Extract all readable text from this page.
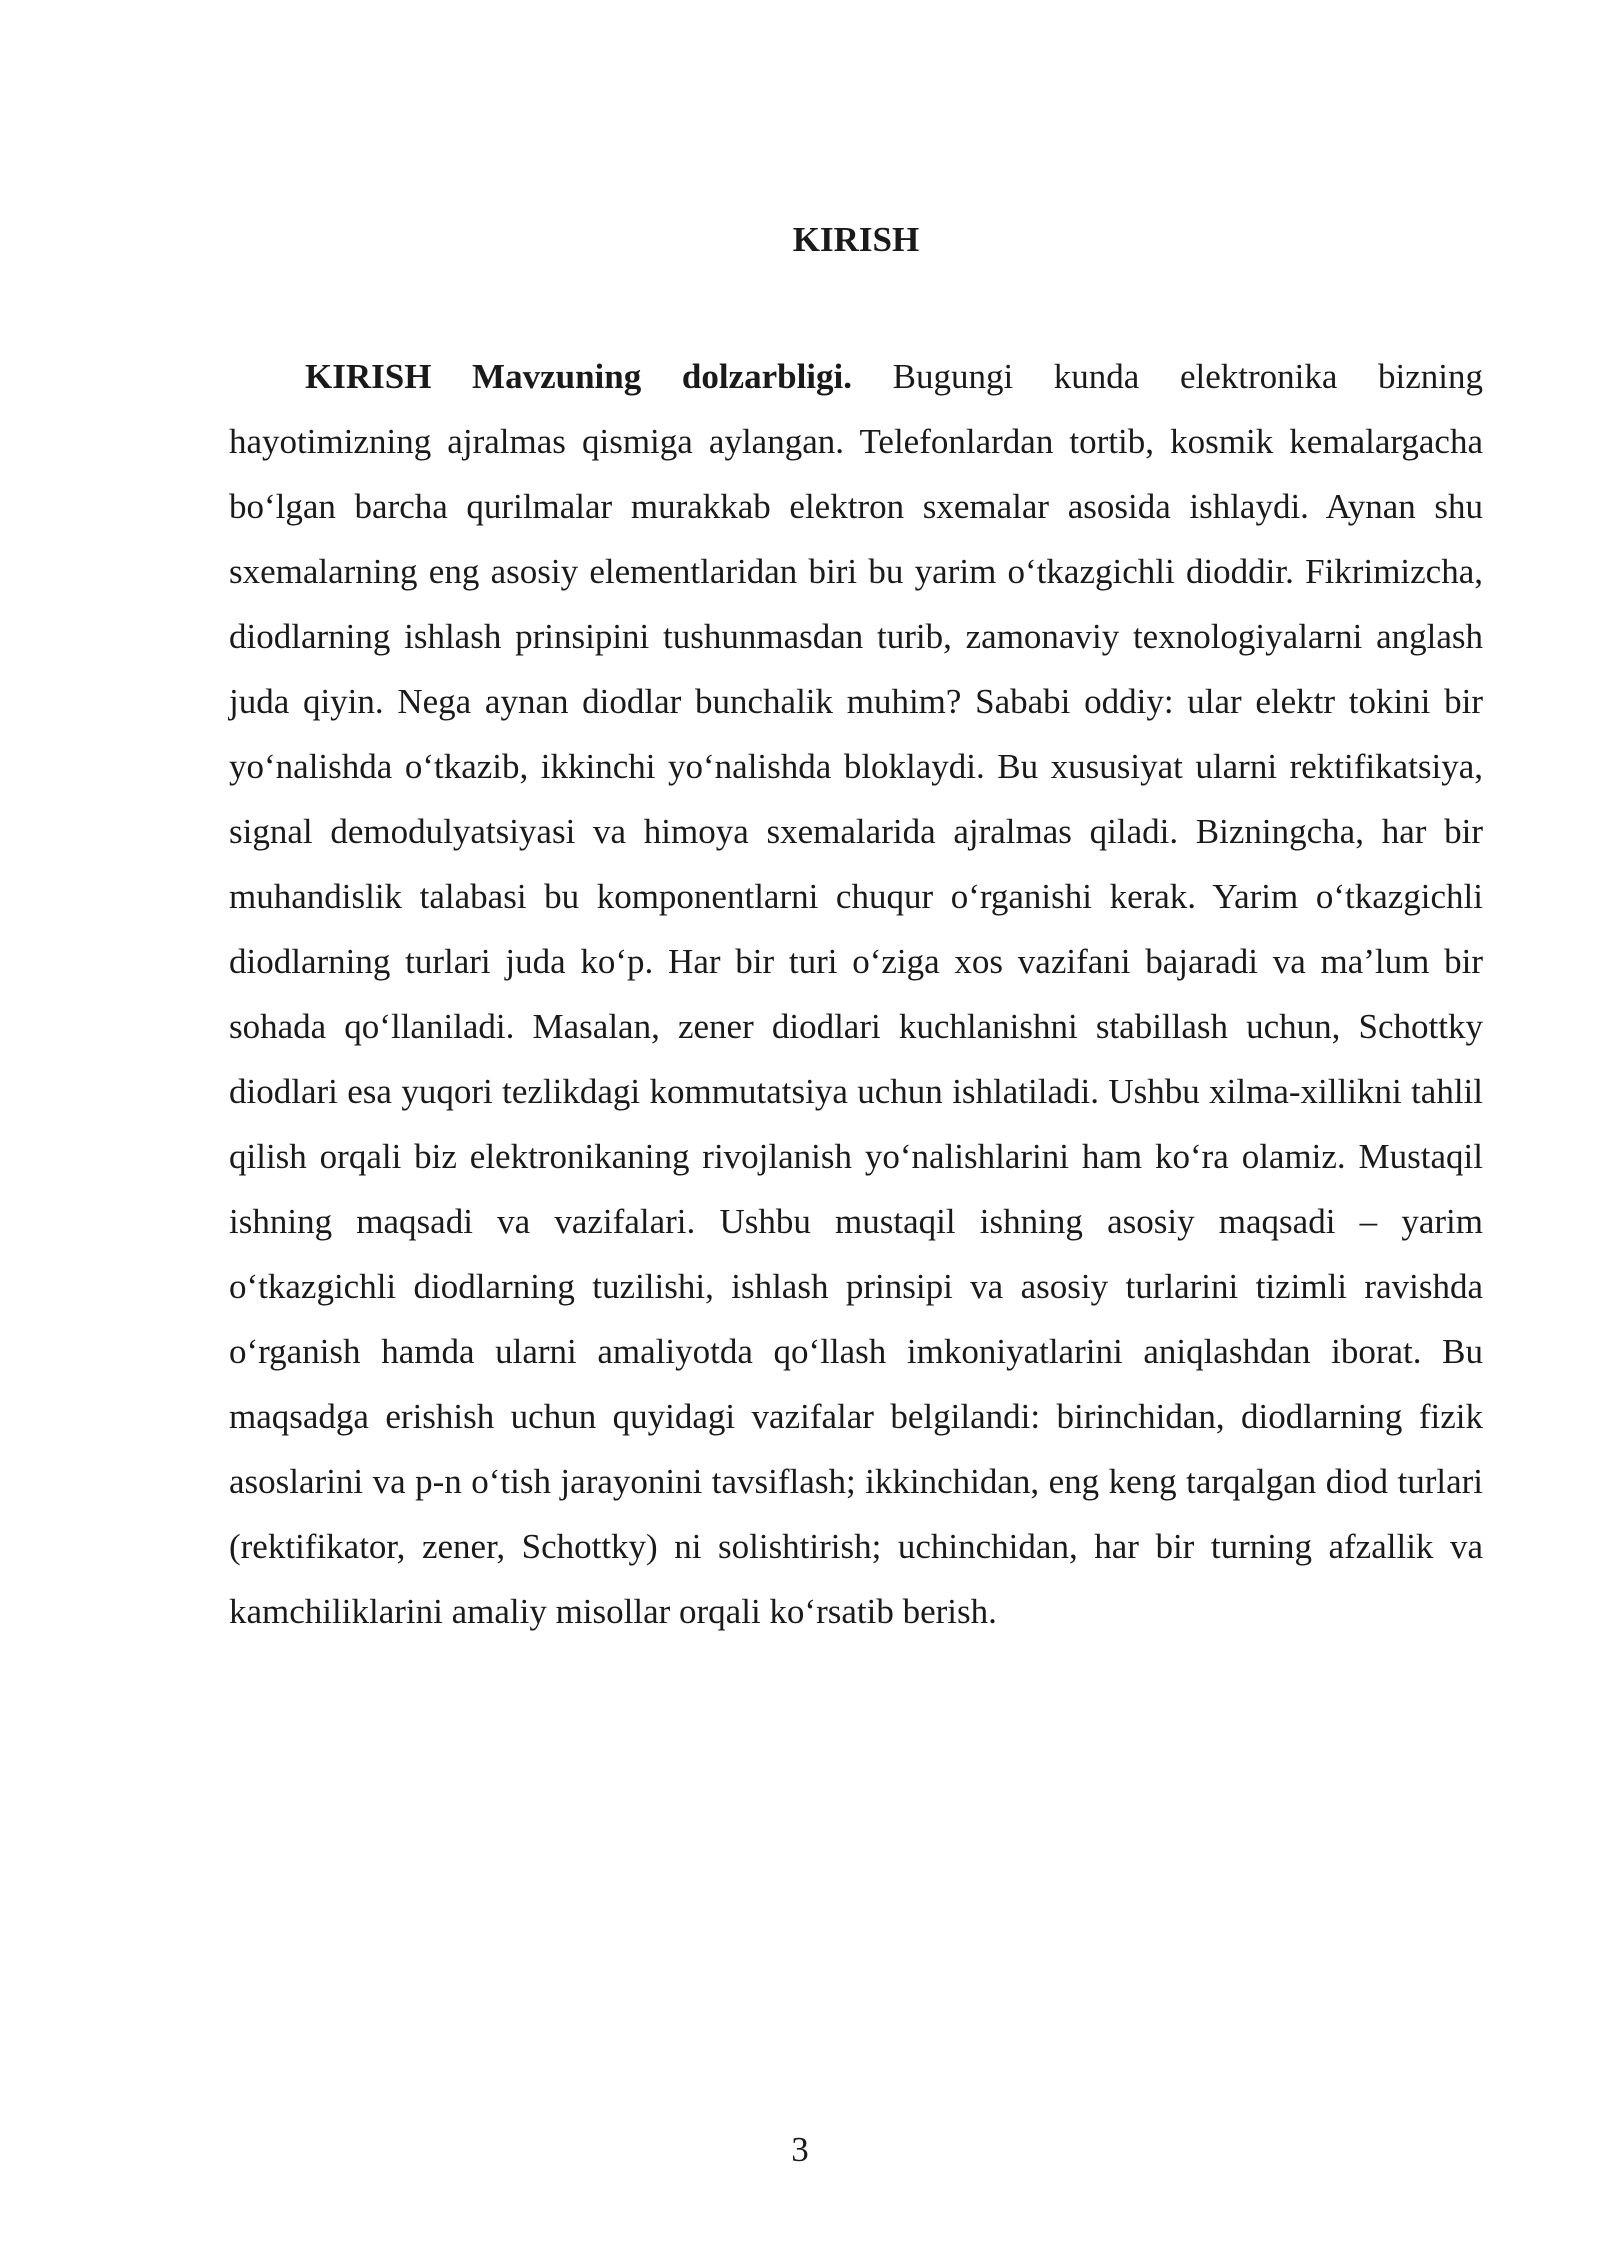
KIRISH

KIRISH Mavzuning dolzarbligi. Bugungi kunda elektronika bizning hayotimizning ajralmas qismiga aylangan. Telefonlardan tortib, kosmik kemalargacha bo‘lgan barcha qurilmalar murakkab elektron sxemalar asosida ishlaydi. Aynan shu sxemalarning eng asosiy elementlaridan biri bu yarim o‘tkazgichli dioddir. Fikrimizcha, diodlarning ishlash prinsipini tushunmasdan turib, zamonaviy texnologiyalarni anglash juda qiyin. Nega aynan diodlar bunchalik muhim? Sababi oddiy: ular elektr tokini bir yo‘nalishda o‘tkazib, ikkinchi yo‘nalishda bloklaydi. Bu xususiyat ularni rektifikatsiya, signal demodulyatsiyasi va himoya sxemalarida ajralmas qiladi. Bizningcha, har bir muhandislik talabasi bu komponentlarni chuqur o‘rganishi kerak. Yarim o‘tkazgichli diodlarning turlari juda ko‘p. Har bir turi o‘ziga xos vazifani bajaradi va ma’lum bir sohada qo‘llaniladi. Masalan, zener diodlari kuchlanishni stabillash uchun, Schottky diodlari esa yuqori tezlikdagi kommutatsiya uchun ishlatiladi. Ushbu xilma-xillikni tahlil qilish orqali biz elektronikaning rivojlanish yo‘nalishlarini ham ko‘ra olamiz. Mustaqil ishning maqsadi va vazifalari. Ushbu mustaqil ishning asosiy maqsadi – yarim o‘tkazgichli diodlarning tuzilishi, ishlash prinsipi va asosiy turlarini tizimli ravishda o‘rganish hamda ularni amaliyotda qo‘llash imkoniyatlarini aniqlashdan iborat. Bu maqsadga erishish uchun quyidagi vazifalar belgilandi: birinchidan, diodlarning fizik asoslarini va p-n o‘tish jarayonini tavsiflash; ikkinchidan, eng keng tarqalgan diod turlari (rektifikator, zener, Schottky) ni solishtirish; uchinchidan, har bir turning afzallik va kamchiliklarini amaliy misollar orqali ko‘rsatib berish.

3
